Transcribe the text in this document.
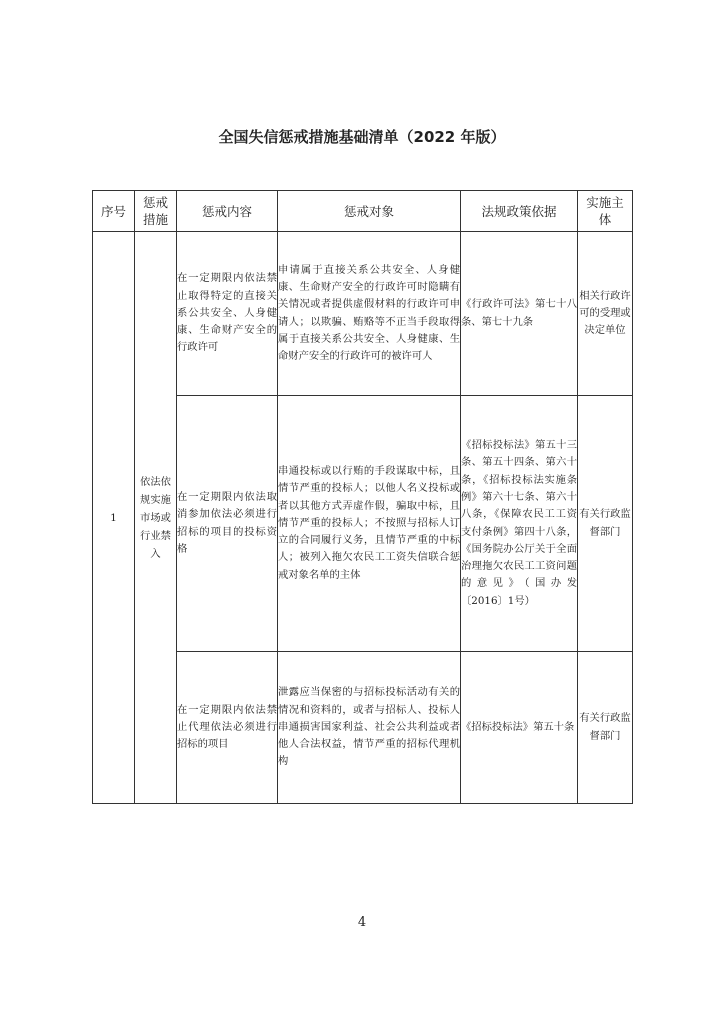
全国失信惩戒措施基础清单（2022 年版）
序号	惩戒措施	惩戒内容	惩戒对象	法规政策依据	实施主体
1	依法依规实施市场或行业禁入	在一定期限内依法禁止取得特定的直接关系公共安全、人身健康、生命财产安全的行政许可	申请属于直接关系公共安全、人身健康、生命财产安全的行政许可时隐瞒有关情况或者提供虚假材料的行政许可申请人；以欺骗、贿赂等不正当手段取得属于直接关系公共安全、人身健康、生命财产安全的行政许可的被许可人	《行政许可法》第七十八条、第七十九条	相关行政许可的受理或决定单位
		在一定期限内依法取消参加依法必须进行招标的项目的投标资格	串通投标或以行贿的手段谋取中标，且情节严重的投标人；以他人名义投标或者以其他方式弄虚作假，骗取中标，且情节严重的投标人；不按照与招标人订立的合同履行义务，且情节严重的中标人；被列入拖欠农民工工资失信联合惩戒对象名单的主体	《招标投标法》第五十三条、第五十四条、第六十条，《招标投标法实施条例》第六十七条、第六十八条，《保障农民工工资支付条例》第四十八条，《国务院办公厅关于全面治理拖欠农民工工资问题的意见》（国办发〔2016〕1号）	有关行政监督部门
		在一定期限内依法禁止代理依法必须进行招标的项目	泄露应当保密的与招标投标活动有关的情况和资料的，或者与招标人、投标人串通损害国家利益、社会公共利益或者他人合法权益，情节严重的招标代理机构	《招标投标法》第五十条	有关行政监督部门
4
